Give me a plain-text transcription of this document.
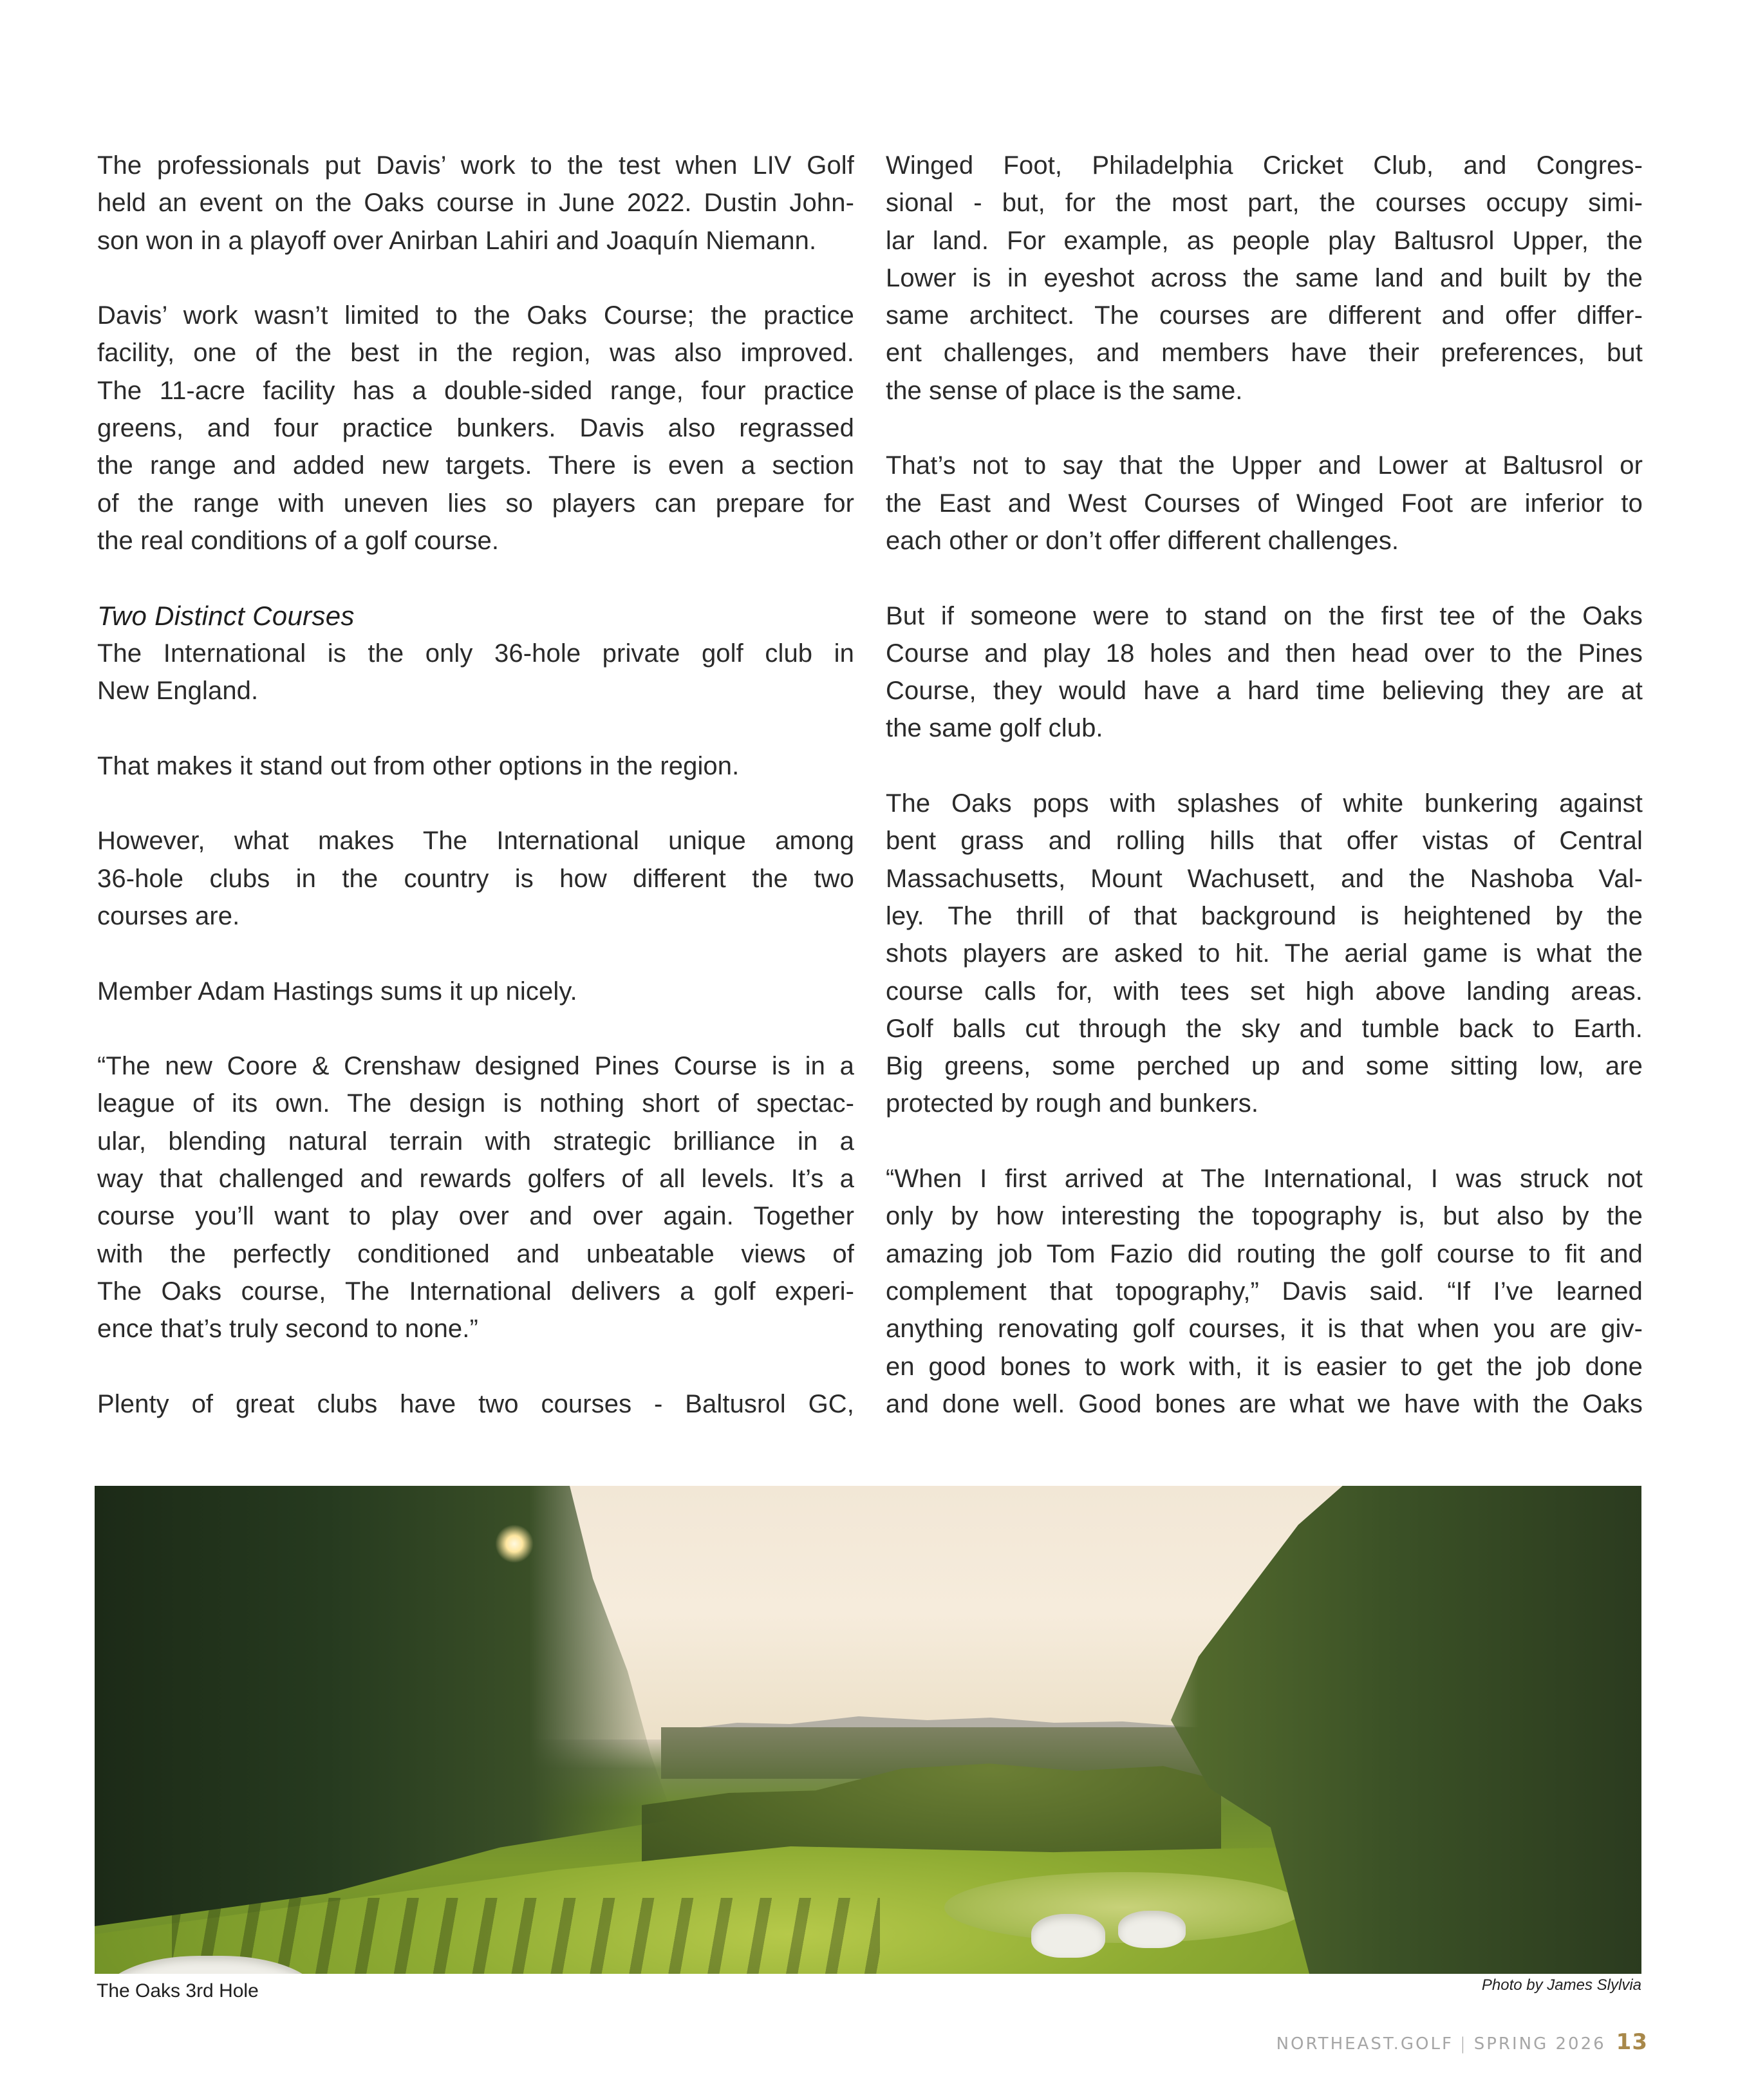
The professionals put Davis’ work to the test when LIV Golf
held an event on the Oaks course in June 2022. Dustin John-
son won in a playoff over Anirban Lahiri and Joaquín Niemann.
Davis’ work wasn’t limited to the Oaks Course; the practice
facility, one of the best in the region, was also improved.
The 11-acre facility has a double-sided range, four practice
greens, and four practice bunkers. Davis also regrassed
the range and added new targets. There is even a section
of the range with uneven lies so players can prepare for
the real conditions of a golf course.
Two Distinct Courses
The International is the only 36-hole private golf club in
New England.
That makes it stand out from other options in the region.
However, what makes The International unique among
36-hole clubs in the country is how different the two
courses are.
Member Adam Hastings sums it up nicely.
“The new Coore & Crenshaw designed Pines Course is in a
league of its own. The design is nothing short of spectac-
ular, blending natural terrain with strategic brilliance in a
way that challenged and rewards golfers of all levels. It’s a
course you’ll want to play over and over again. Together
with the perfectly conditioned and unbeatable views of
The Oaks course, The International delivers a golf experi-
ence that’s truly second to none.”
Plenty of great clubs have two courses - Baltusrol GC,
Winged Foot, Philadelphia Cricket Club, and Congres-
sional - but, for the most part, the courses occupy simi-
lar land. For example, as people play Baltusrol Upper, the
Lower is in eyeshot across the same land and built by the
same architect. The courses are different and offer differ-
ent challenges, and members have their preferences, but
the sense of place is the same.
That’s not to say that the Upper and Lower at Baltusrol or
the East and West Courses of Winged Foot are inferior to
each other or don’t offer different challenges.
But if someone were to stand on the first tee of the Oaks
Course and play 18 holes and then head over to the Pines
Course, they would have a hard time believing they are at
the same golf club.
The Oaks pops with splashes of white bunkering against
bent grass and rolling hills that offer vistas of Central
Massachusetts, Mount Wachusett, and the Nashoba Val-
ley. The thrill of that background is heightened by the
shots players are asked to hit. The aerial game is what the
course calls for, with tees set high above landing areas.
Golf balls cut through the sky and tumble back to Earth.
Big greens, some perched up and some sitting low, are
protected by rough and bunkers.
“When I first arrived at The International, I was struck not
only by how interesting the topography is, but also by the
amazing job Tom Fazio did routing the golf course to fit and
complement that topography,” Davis said. “If I’ve learned
anything renovating golf courses, it is that when you are giv-
en good bones to work with, it is easier to get the job done
and done well. Good bones are what we have with the Oaks
The Oaks 3rd Hole	Photo by James Slylvia
NORTHEAST.GOLF | SPRING 2026 13
